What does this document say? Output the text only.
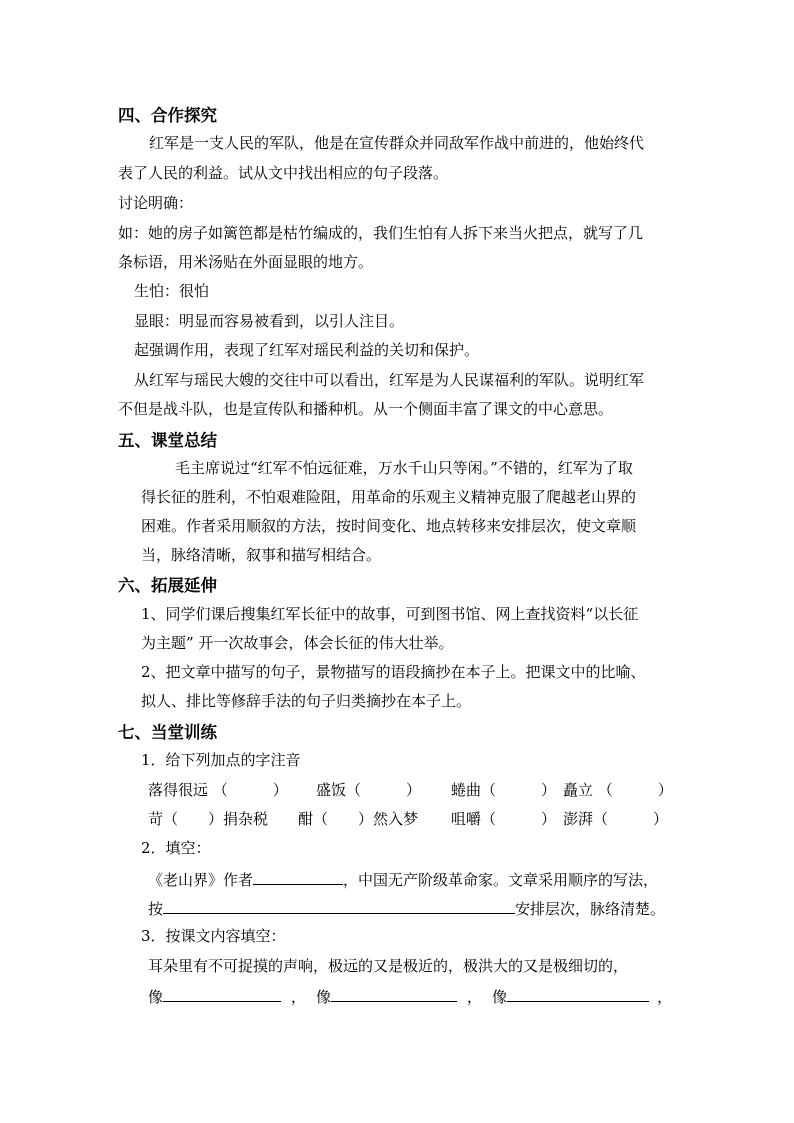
四、合作探究
红军是一支人民的军队，他是在宣传群众并同敌军作战中前进的，他始终代
表了人民的利益。试从文中找出相应的句子段落。
讨论明确：
如：她的房子如篱笆都是枯竹编成的，我们生怕有人拆下来当火把点，就写了几
条标语，用米汤贴在外面显眼的地方。
生怕：很怕
显眼：明显而容易被看到，以引人注目。
起强调作用，表现了红军对瑶民利益的关切和保护。
从红军与瑶民大嫂的交往中可以看出，红军是为人民谋福利的军队。说明红军
不但是战斗队，也是宣传队和播种机。从一个侧面丰富了课文的中心意思。
五、课堂总结
毛主席说过“红军不怕远征难，万水千山只等闲。”不错的，红军为了取
得长征的胜利，不怕艰难险阻，用革命的乐观主义精神克服了爬越老山界的
困难。作者采用顺叙的方法，按时间变化、地点转移来安排层次，使文章顺
当，脉络清晰，叙事和描写相结合。
六、拓展延伸
1、同学们课后搜集红军长征中的故事，可到图书馆、网上查找资料“以长征
为主题” 开一次故事会，体会长征的伟大壮举。
2、把文章中描写的句子，景物描写的语段摘抄在本子上。把课文中的比喻、
拟人、排比等修辞手法的句子归类摘抄在本子上。
七、当堂训练
1．给下列加点的字注音
落得很远 （　　　） 盛饭（　　　） 蜷曲（　　　） 矗立 （　　　）
苛（　　）捐杂税 酣（　　）然入梦 咀嚼（　　　） 澎湃（　　　）
2．填空：
《老山界》作者	，中国无产阶级革命家。文章采用顺序的写法，
按	安排层次，脉络清楚。
3．按课文内容填空：
耳朵里有不可捉摸的声响，极远的又是极近的，极洪大的又是极细切的，
像	， 像	， 像	，
